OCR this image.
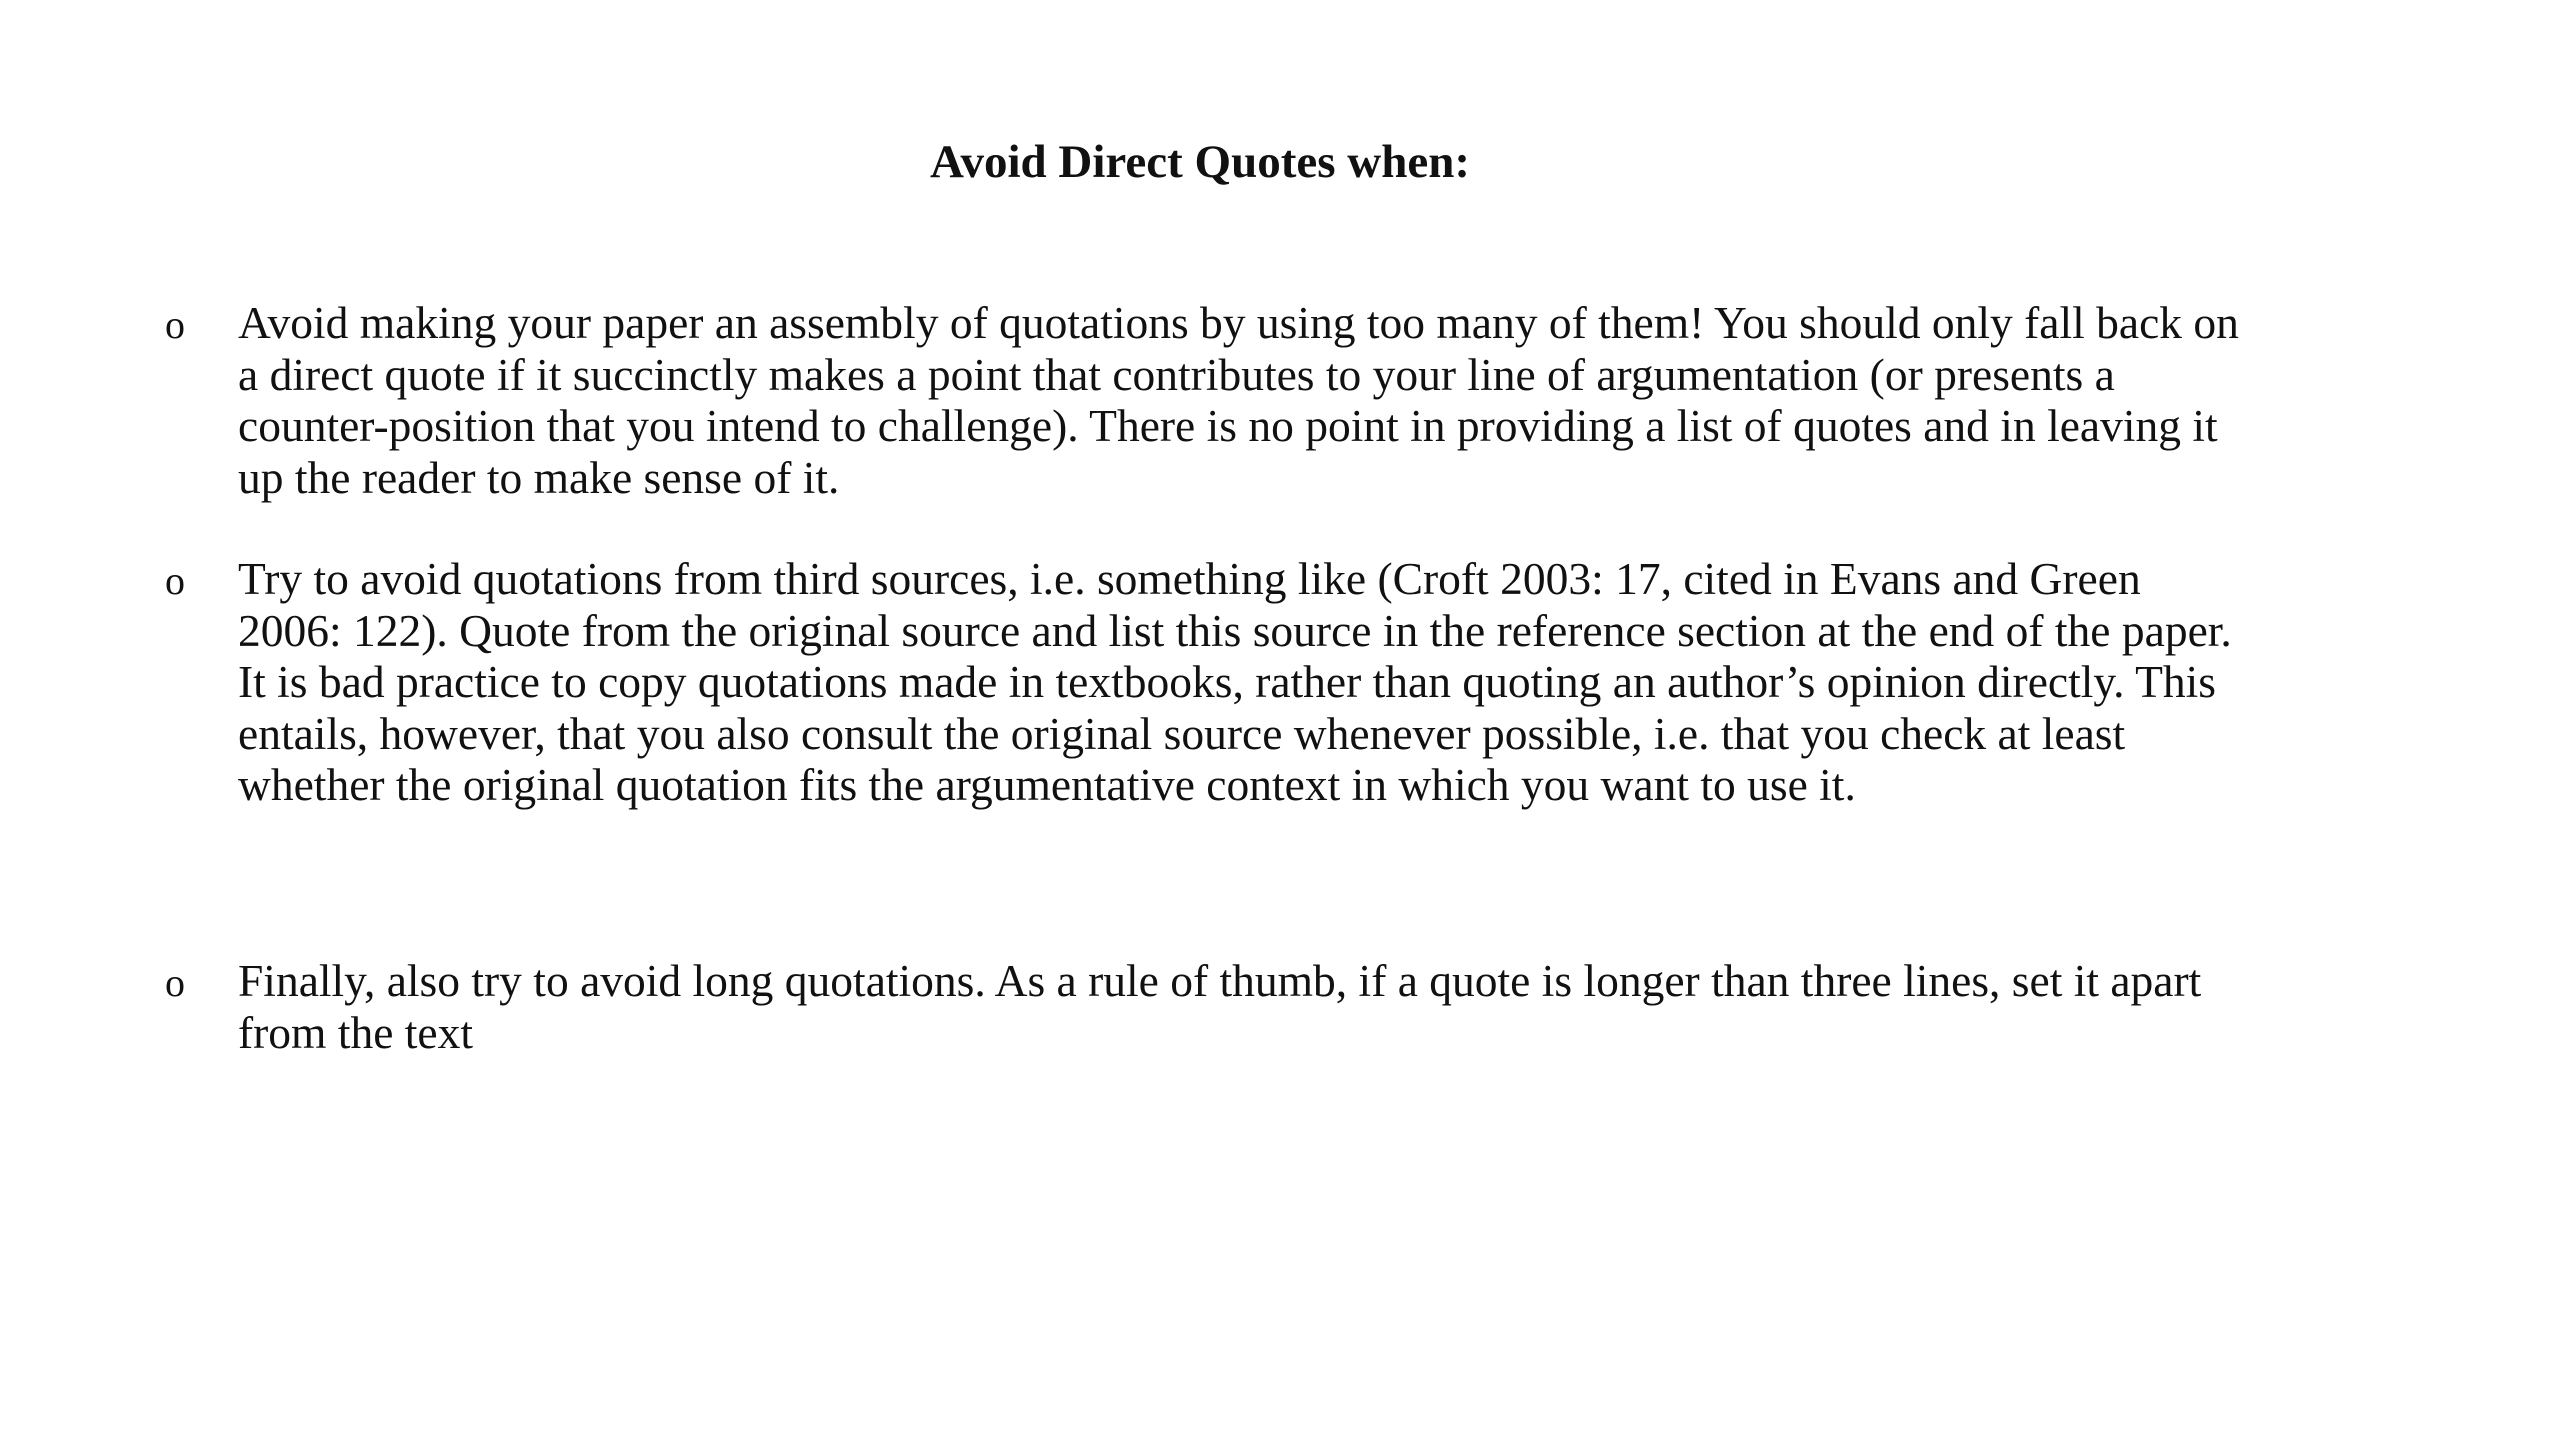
Avoid Direct Quotes when:
o Avoid making your paper an assembly of quotations by using too many of them! You should only fall back on a direct quote if it succinctly makes a point that contributes to your line of argumentation (or presents a counter-position that you intend to challenge). There is no point in providing a list of quotes and in leaving it up the reader to make sense of it.

o Try to avoid quotations from third sources, i.e. something like (Croft 2003: 17, cited in Evans and Green 2006: 122). Quote from the original source and list this source in the reference section at the end of the paper. It is bad practice to copy quotations made in textbooks, rather than quoting an author’s opinion directly. This entails, however, that you also consult the original source whenever possible, i.e. that you check at least whether the original quotation fits the argumentative context in which you want to use it.

o Finally, also try to avoid long quotations. As a rule of thumb, if a quote is longer than three lines, set it apart from the text
